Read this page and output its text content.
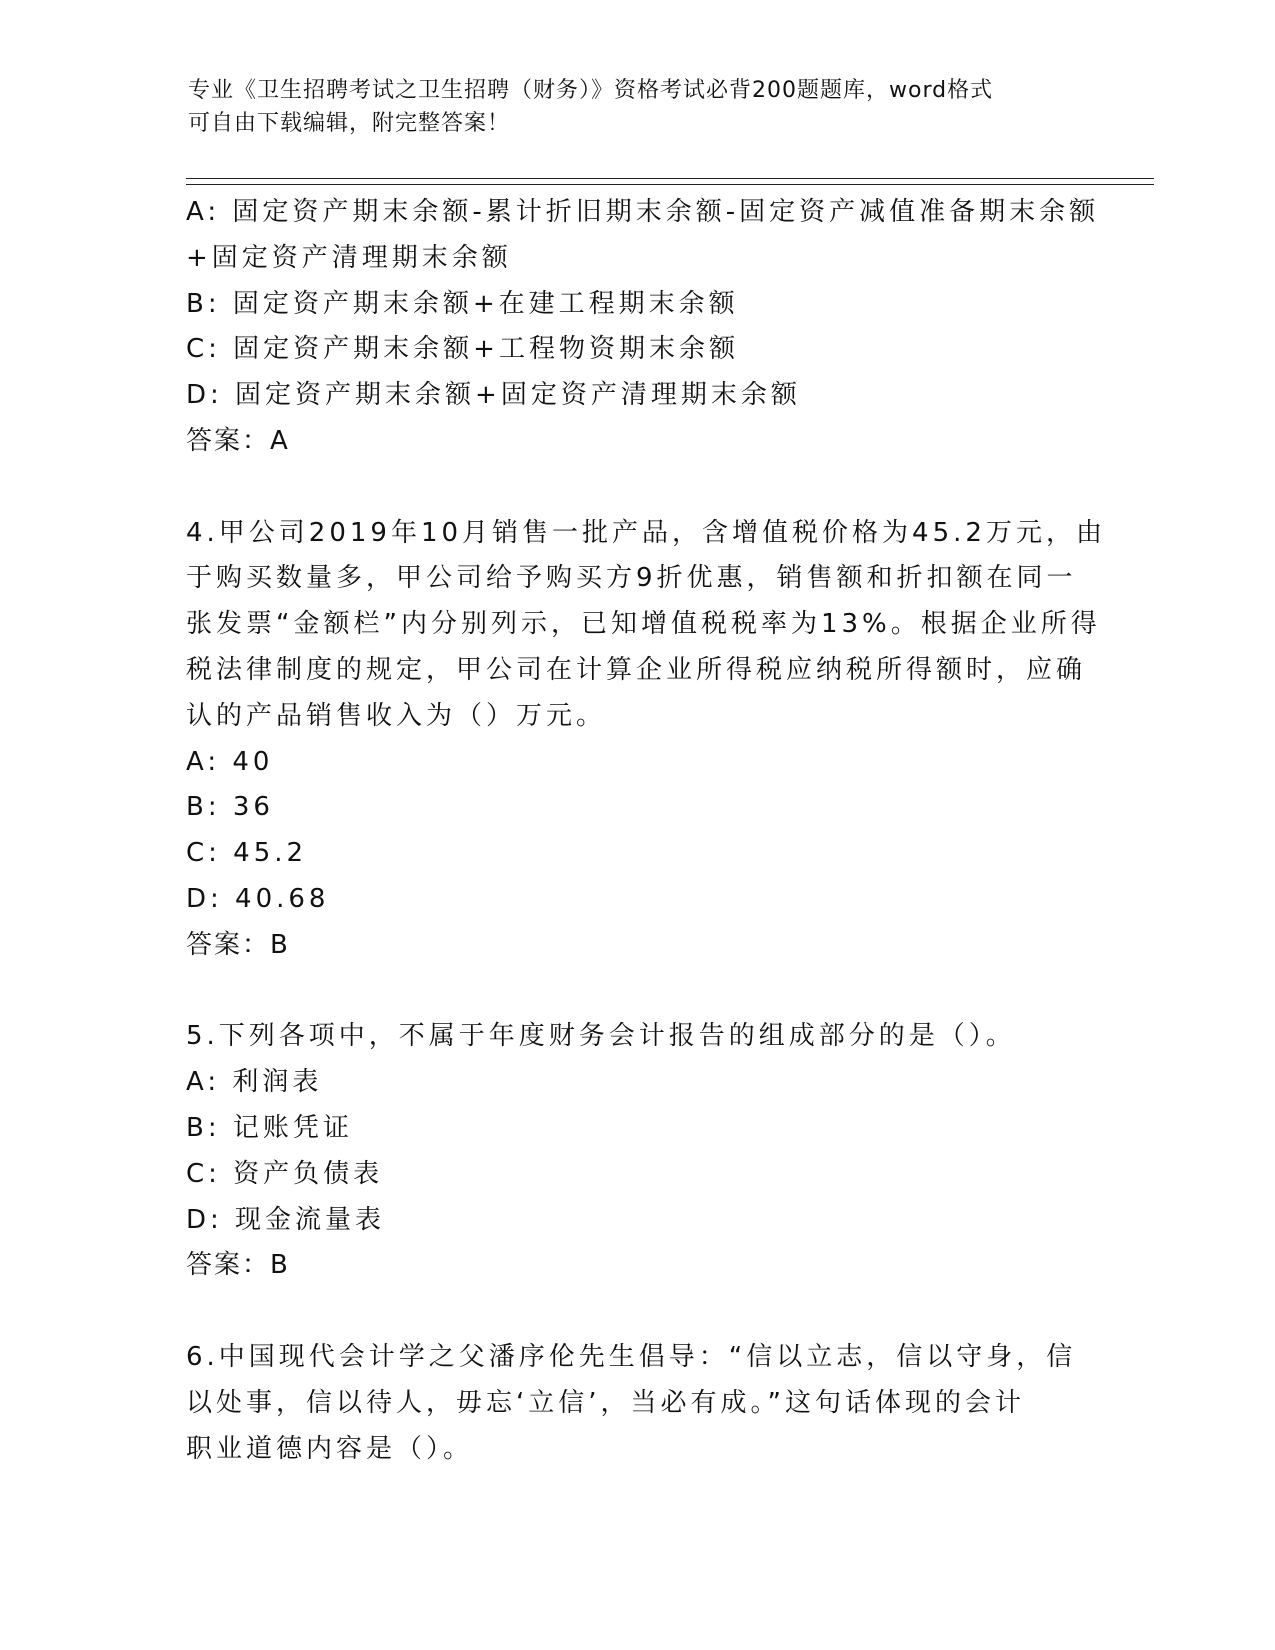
专业《卫生招聘考试之卫生招聘（财务）》资格考试必背200题题库，word格式
可自由下载编辑，附完整答案！
A: 固定资产期末余额-累计折旧期末余额-固定资产减值准备期末余额
+固定资产清理期末余额
B: 固定资产期末余额+在建工程期末余额
C: 固定资产期末余额+工程物资期末余额
D: 固定资产期末余额+固定资产清理期末余额
答案：A
4.甲公司2019年10月销售一批产品，含增值税价格为45.2万元，由
于购买数量多，甲公司给予购买方9折优惠，销售额和折扣额在同一
张发票“金额栏”内分别列示，已知增值税税率为13%。根据企业所得
税法律制度的规定，甲公司在计算企业所得税应纳税所得额时，应确
认的产品销售收入为（）万元。
A: 40
B: 36
C: 45.2
D: 40.68
答案：B
5.下列各项中，不属于年度财务会计报告的组成部分的是（）。
A: 利润表
B: 记账凭证
C: 资产负债表
D: 现金流量表
答案：B
6.中国现代会计学之父潘序伦先生倡导：“信以立志，信以守身，信
以处事，信以待人，毋忘‘立信’，当必有成。”这句话体现的会计
职业道德内容是（）。
